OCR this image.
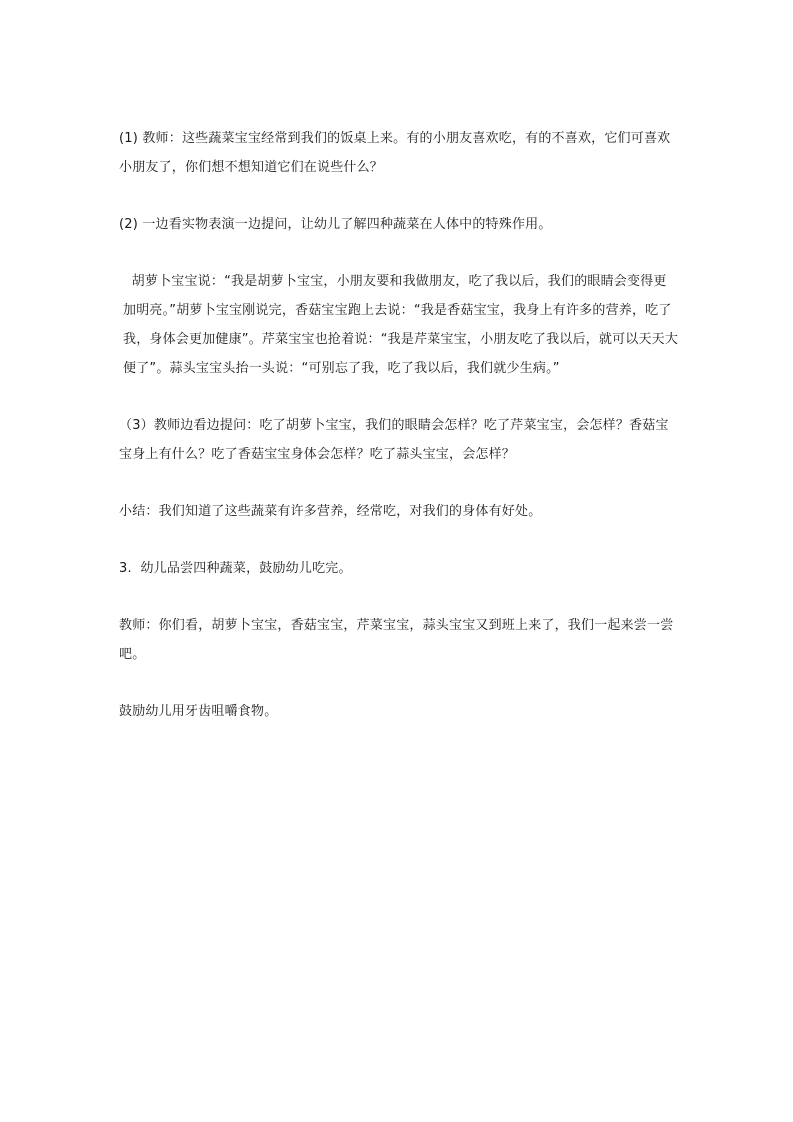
(1) 教师：这些蔬菜宝宝经常到我们的饭桌上来。有的小朋友喜欢吃，有的不喜欢，它们可喜欢小朋友了，你们想不想知道它们在说些什么？

(2) 一边看实物表演一边提问，让幼儿了解四种蔬菜在人体中的特殊作用。

胡萝卜宝宝说：“我是胡萝卜宝宝，小朋友要和我做朋友，吃了我以后，我们的眼睛会变得更加明亮。”胡萝卜宝宝刚说完，香菇宝宝跑上去说：“我是香菇宝宝，我身上有许多的营养，吃了我，身体会更加健康”。芹菜宝宝也抢着说：“我是芹菜宝宝，小朋友吃了我以后，就可以天天大便了”。蒜头宝宝头抬一头说：“可别忘了我，吃了我以后，我们就少生病。”

（3）教师边看边提问：吃了胡萝卜宝宝，我们的眼睛会怎样？吃了芹菜宝宝，会怎样？香菇宝宝身上有什么？吃了香菇宝宝身体会怎样？吃了蒜头宝宝，会怎样？

小结：我们知道了这些蔬菜有许多营养，经常吃，对我们的身体有好处。

3.  幼儿品尝四种蔬菜，鼓励幼儿吃完。

教师：你们看，胡萝卜宝宝，香菇宝宝，芹菜宝宝，蒜头宝宝又到班上来了，我们一起来尝一尝吧。

鼓励幼儿用牙齿咀嚼食物。
